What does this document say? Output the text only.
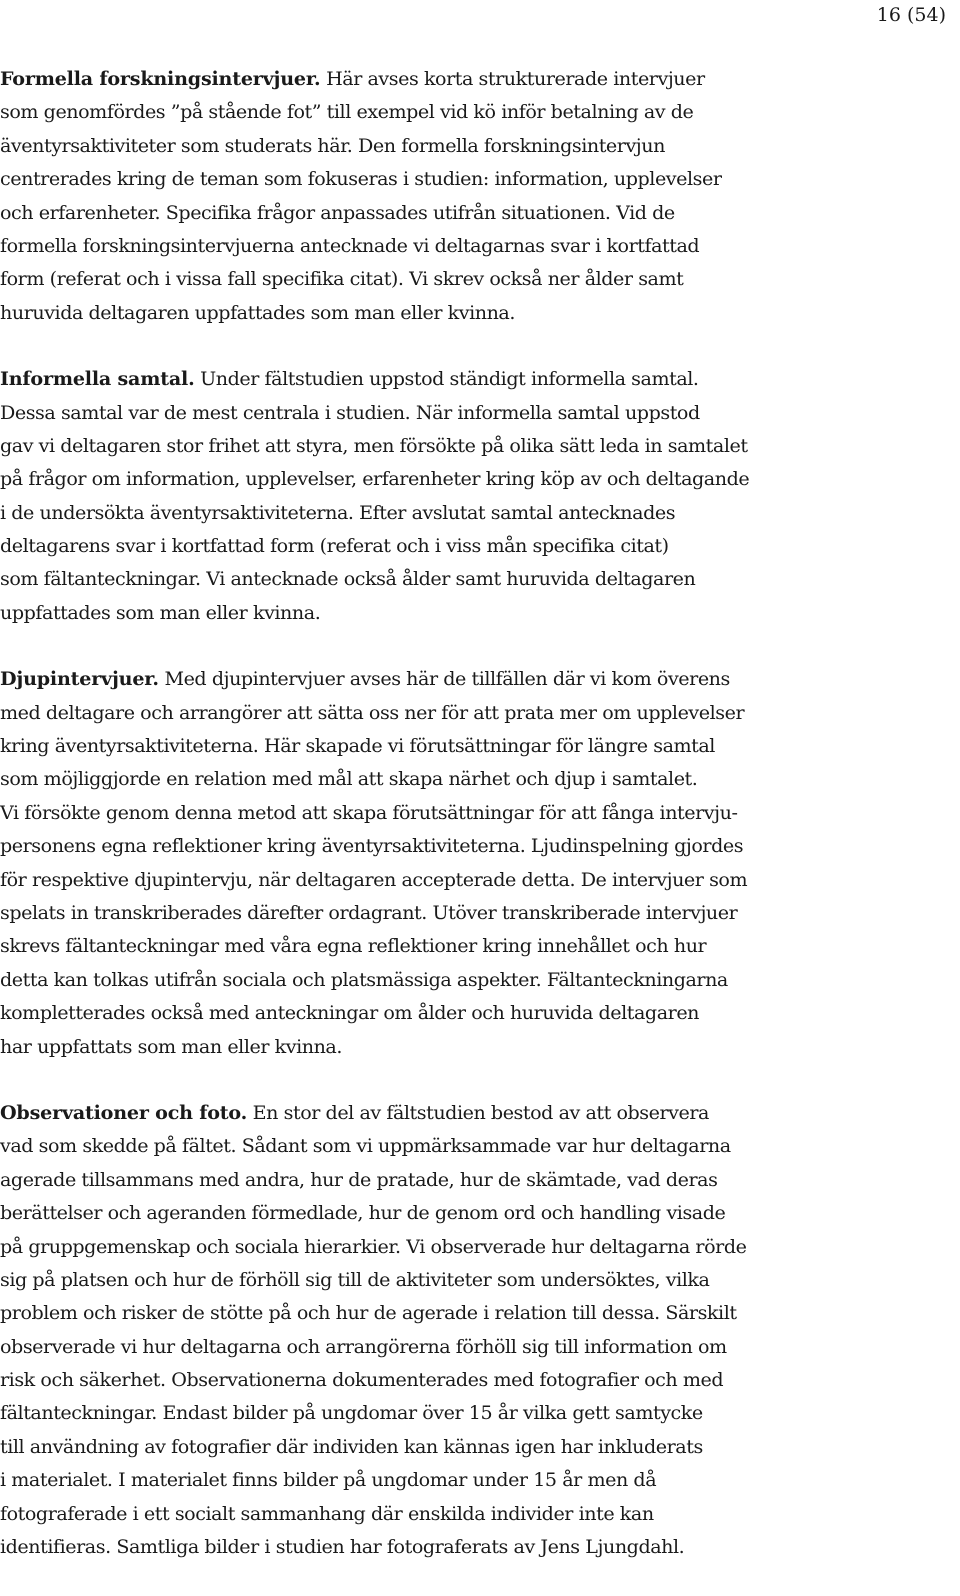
16 (54)
Formella forskningsintervjuer. Här avses korta strukturerade intervjuer
som genomfördes ”på stående fot” till exempel vid kö inför betalning av de
äventyrsaktiviteter som studerats här. Den formella forskningsintervjun
centrerades kring de teman som fokuseras i studien: information, upplevelser
och erfarenheter. Specifika frågor anpassades utifrån situationen. Vid de
formella forskningsintervjuerna antecknade vi deltagarnas svar i kortfattad
form (referat och i vissa fall specifika citat). Vi skrev också ner ålder samt
huruvida deltagaren uppfattades som man eller kvinna.
Informella samtal. Under fältstudien uppstod ständigt informella samtal.
Dessa samtal var de mest centrala i studien. När informella samtal uppstod
gav vi deltagaren stor frihet att styra, men försökte på olika sätt leda in samtalet
på frågor om information, upplevelser, erfarenheter kring köp av och deltagande
i de undersökta äventyrsaktiviteterna. Efter avslutat samtal antecknades
deltagarens svar i kortfattad form (referat och i viss mån specifika citat)
som fältanteckningar. Vi antecknade också ålder samt huruvida deltagaren
uppfattades som man eller kvinna.
Djupintervjuer. Med djupintervjuer avses här de tillfällen där vi kom överens
med deltagare och arrangörer att sätta oss ner för att prata mer om upplevelser
kring äventyrsaktiviteterna. Här skapade vi förutsättningar för längre samtal
som möjliggjorde en relation med mål att skapa närhet och djup i samtalet.
Vi försökte genom denna metod att skapa förutsättningar för att fånga intervju-
personens egna reflektioner kring äventyrsaktiviteterna. Ljudinspelning gjordes
för respektive djupintervju, när deltagaren accepterade detta. De intervjuer som
spelats in transkriberades därefter ordagrant. Utöver transkriberade intervjuer
skrevs fältanteckningar med våra egna reflektioner kring innehållet och hur
detta kan tolkas utifrån sociala och platsmässiga aspekter. Fältanteckningarna
kompletterades också med anteckningar om ålder och huruvida deltagaren
har uppfattats som man eller kvinna.
Observationer och foto. En stor del av fältstudien bestod av att observera
vad som skedde på fältet. Sådant som vi uppmärksammade var hur deltagarna
agerade tillsammans med andra, hur de pratade, hur de skämtade, vad deras
berättelser och ageranden förmedlade, hur de genom ord och handling visade
på gruppgemenskap och sociala hierarkier. Vi observerade hur deltagarna rörde
sig på platsen och hur de förhöll sig till de aktiviteter som undersöktes, vilka
problem och risker de stötte på och hur de agerade i relation till dessa. Särskilt
observerade vi hur deltagarna och arrangörerna förhöll sig till information om
risk och säkerhet. Observationerna dokumenterades med fotografier och med
fältanteckningar. Endast bilder på ungdomar över 15 år vilka gett samtycke
till användning av fotografier där individen kan kännas igen har inkluderats
i materialet. I materialet finns bilder på ungdomar under 15 år men då
fotograferade i ett socialt sammanhang där enskilda individer inte kan
identifieras. Samtliga bilder i studien har fotograferats av Jens Ljungdahl.
